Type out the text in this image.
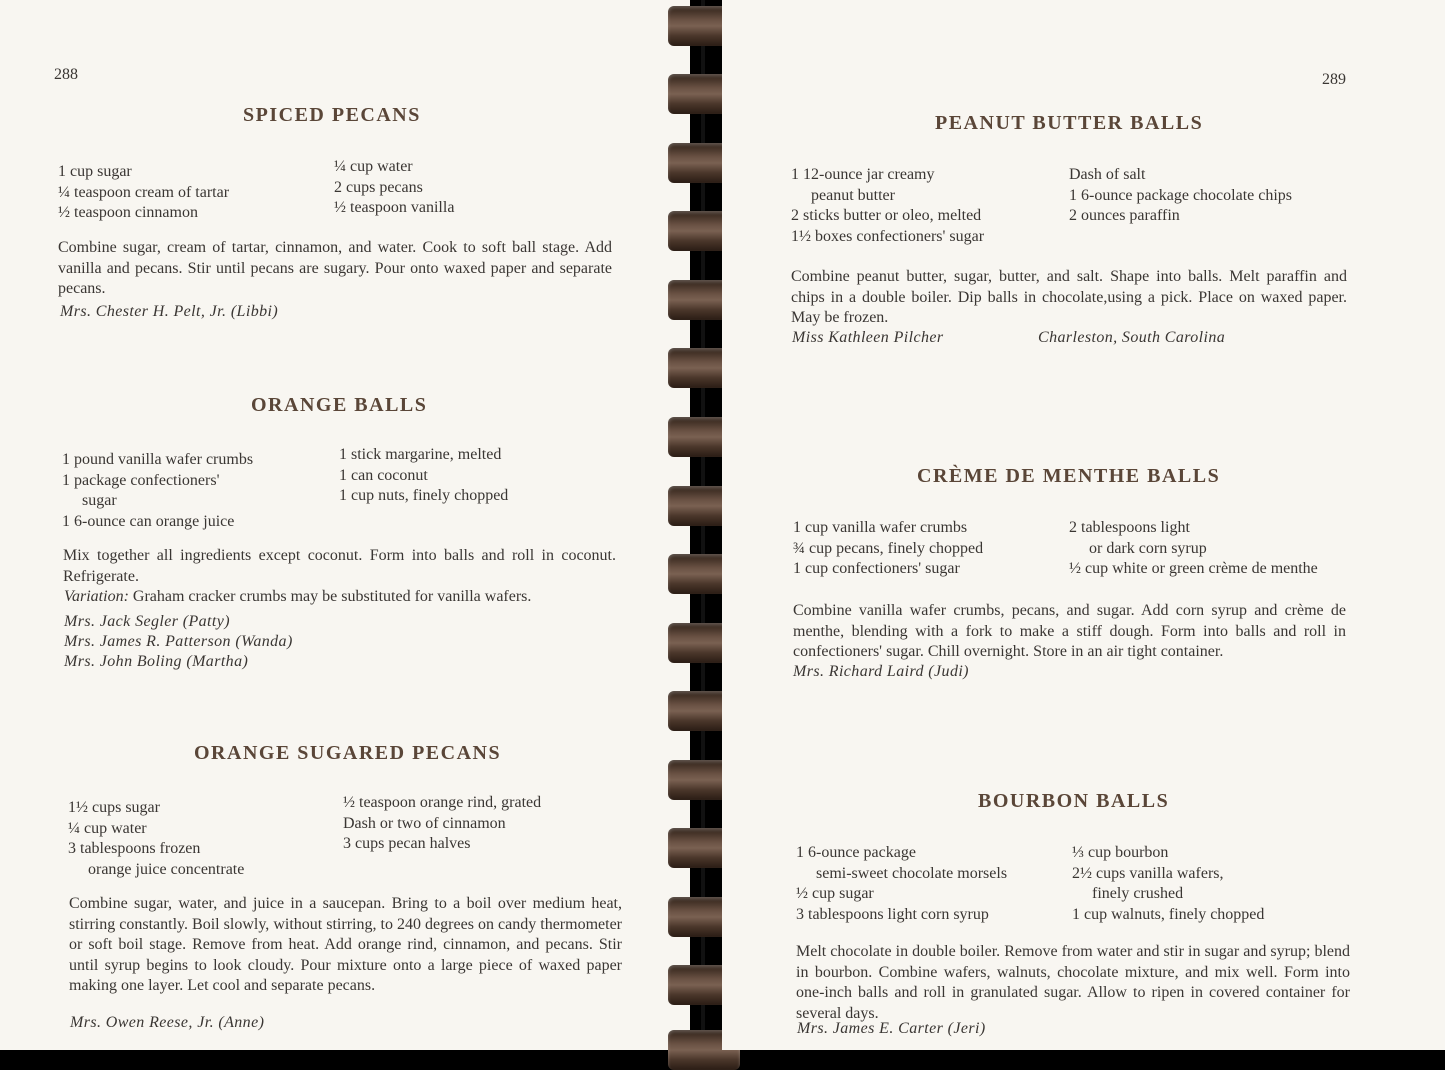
288
SPICED PECANS
1 cup sugar
¼ teaspoon cream of tartar
½ teaspoon cinnamon
¼ cup water
2 cups pecans
½ teaspoon vanilla
Combine sugar, cream of tartar, cinnamon, and water. Cook to soft ball stage. Add vanilla and pecans. Stir until pecans are sugary. Pour onto waxed paper and separate pecans.
Mrs. Chester H. Pelt, Jr. (Libbi)
ORANGE BALLS
1 pound vanilla wafer crumbs
1 package confectioners'
sugar
1 6-ounce can orange juice
1 stick margarine, melted
1 can coconut
1 cup nuts, finely chopped
Mix together all ingredients except coconut. Form into balls and roll in coconut. Refrigerate.
Variation: Graham cracker crumbs may be substituted for vanilla wafers.
Mrs. Jack Segler (Patty)
Mrs. James R. Patterson (Wanda)
Mrs. John Boling (Martha)
ORANGE SUGARED PECANS
1½ cups sugar
¼ cup water
3 tablespoons frozen
orange juice concentrate
½ teaspoon orange rind, grated
Dash or two of cinnamon
3 cups pecan halves
Combine sugar, water, and juice in a saucepan. Bring to a boil over medium heat, stirring constantly. Boil slowly, without stirring, to 240 degrees on candy thermometer or soft boil stage. Remove from heat. Add orange rind, cinnamon, and pecans. Stir until syrup begins to look cloudy. Pour mixture onto a large piece of waxed paper making one layer. Let cool and separate pecans.
Mrs. Owen Reese, Jr. (Anne)
289
PEANUT BUTTER BALLS
1 12-ounce jar creamy
peanut butter
2 sticks butter or oleo, melted
1½ boxes confectioners' sugar
Dash of salt
1 6-ounce package chocolate chips
2 ounces paraffin
Combine peanut butter, sugar, butter, and salt. Shape into balls. Melt paraffin and chips in a double boiler. Dip balls in chocolate,using a pick. Place on waxed paper. May be frozen.
Miss Kathleen Pilcher	Charleston, South Carolina
CRÈME DE MENTHE BALLS
1 cup vanilla wafer crumbs
¾ cup pecans, finely chopped
1 cup confectioners' sugar
2 tablespoons light
or dark corn syrup
½ cup white or green crème de menthe
Combine vanilla wafer crumbs, pecans, and sugar. Add corn syrup and crème de menthe, blending with a fork to make a stiff dough. Form into balls and roll in confectioners' sugar. Chill overnight. Store in an air tight container.
Mrs. Richard Laird (Judi)
BOURBON BALLS
1 6-ounce package
semi-sweet chocolate morsels
½ cup sugar
3 tablespoons light corn syrup
⅓ cup bourbon
2½ cups vanilla wafers,
finely crushed
1 cup walnuts, finely chopped
Melt chocolate in double boiler. Remove from water and stir in sugar and syrup; blend in bourbon. Combine wafers, walnuts, chocolate mixture, and mix well. Form into one-inch balls and roll in granulated sugar. Allow to ripen in covered container for several days.
Mrs. James E. Carter (Jeri)
